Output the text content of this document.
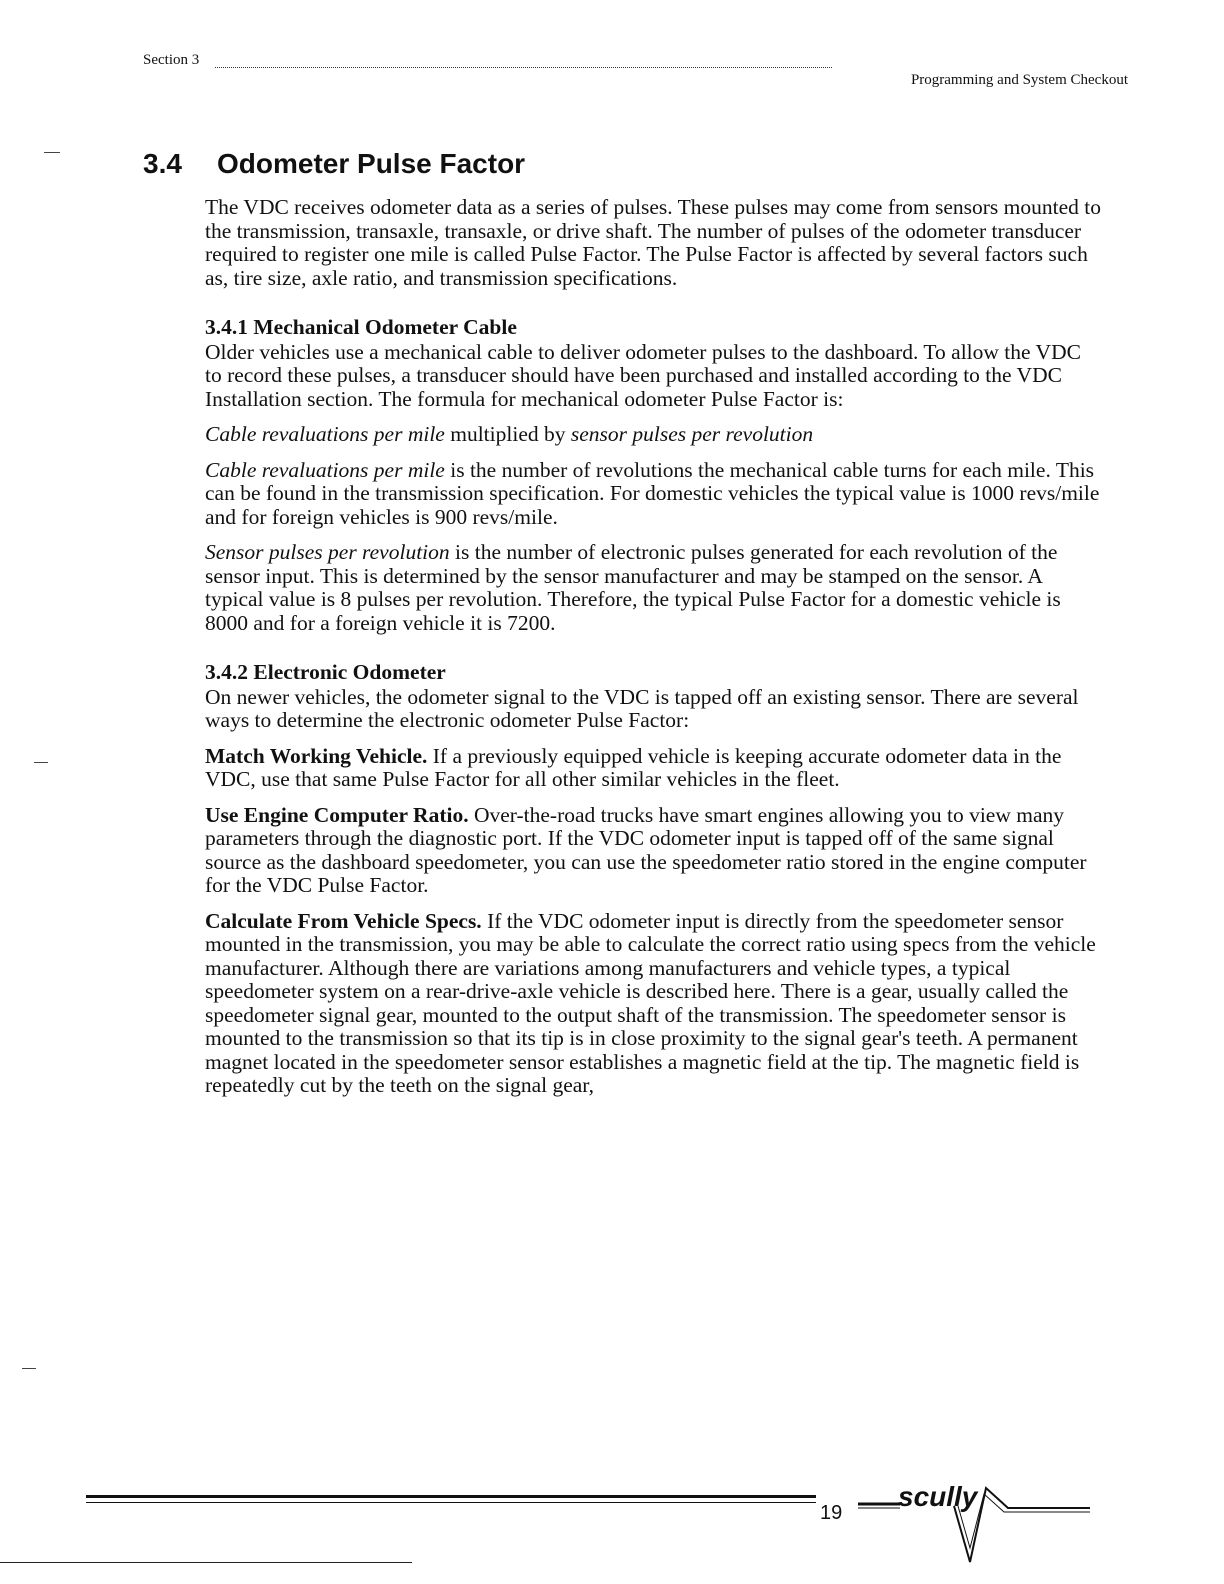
Section 3
Programming and System Checkout
3.4 Odometer Pulse Factor

The VDC receives odometer data as a series of pulses. These pulses may come from sensors mounted to the transmission, transaxle, transaxle, or drive shaft. The number of pulses of the odometer transducer required to register one mile is called Pulse Factor. The Pulse Factor is affected by several factors such as, tire size, axle ratio, and transmission specifications.

3.4.1 Mechanical Odometer Cable

Older vehicles use a mechanical cable to deliver odometer pulses to the dashboard. To allow the VDC to record these pulses, a transducer should have been purchased and installed according to the VDC Installation section. The formula for mechanical odometer Pulse Factor is:

Cable revaluations per mile multiplied by sensor pulses per revolution

Cable revaluations per mile is the number of revolutions the mechanical cable turns for each mile. This can be found in the transmission specification. For domestic vehicles the typical value is 1000 revs/mile and for foreign vehicles is 900 revs/mile.

Sensor pulses per revolution is the number of electronic pulses generated for each revolution of the sensor input. This is determined by the sensor manufacturer and may be stamped on the sensor. A typical value is 8 pulses per revolution. Therefore, the typical Pulse Factor for a domestic vehicle is 8000 and for a foreign vehicle it is 7200.

3.4.2 Electronic Odometer

On newer vehicles, the odometer signal to the VDC is tapped off an existing sensor. There are several ways to determine the electronic odometer Pulse Factor:

Match Working Vehicle. If a previously equipped vehicle is keeping accurate odometer data in the VDC, use that same Pulse Factor for all other similar vehicles in the fleet.

Use Engine Computer Ratio. Over-the-road trucks have smart engines allowing you to view many parameters through the diagnostic port. If the VDC odometer input is tapped off of the same signal source as the dashboard speedometer, you can use the speedometer ratio stored in the engine computer for the VDC Pulse Factor.

Calculate From Vehicle Specs. If the VDC odometer input is directly from the speedometer sensor mounted in the transmission, you may be able to calculate the correct ratio using specs from the vehicle manufacturer. Although there are variations among manufacturers and vehicle types, a typical speedometer system on a rear-drive-axle vehicle is described here. There is a gear, usually called the speedometer signal gear, mounted to the output shaft of the transmission. The speedometer sensor is mounted to the transmission so that its tip is in close proximity to the signal gear's teeth. A permanent magnet located in the speedometer sensor establishes a magnetic field at the tip. The magnetic field is repeatedly cut by the teeth on the signal gear,

19
scully
